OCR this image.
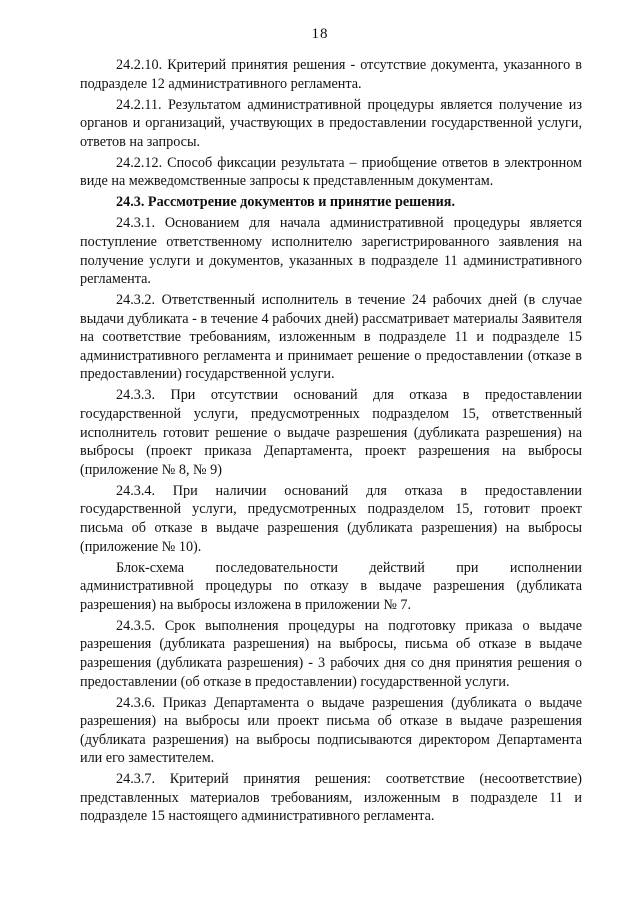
18

24.2.10. Критерий принятия решения - отсутствие документа, указанного в подразделе 12 административного регламента.

24.2.11. Результатом административной процедуры является получение из органов и организаций, участвующих в предоставлении государственной услуги, ответов на запросы.

24.2.12. Способ фиксации результата – приобщение ответов в электронном виде на межведомственные запросы к представленным документам.

24.3. Рассмотрение документов и принятие решения.

24.3.1. Основанием для начала административной процедуры является поступление ответственному исполнителю зарегистрированного заявления на получение услуги и документов, указанных в подразделе 11 административного регламента.

24.3.2. Ответственный исполнитель в течение 24 рабочих дней (в случае выдачи дубликата - в течение 4 рабочих дней) рассматривает материалы Заявителя на соответствие требованиям, изложенным в подразделе 11 и подразделе 15 административного регламента и принимает решение о предоставлении (отказе в предоставлении) государственной услуги.

24.3.3. При отсутствии оснований для отказа в предоставлении государственной услуги, предусмотренных подразделом 15, ответственный исполнитель готовит решение о выдаче разрешения (дубликата разрешения) на выбросы (проект приказа Департамента, проект разрешения на выбросы (приложение № 8, № 9)

24.3.4. При наличии оснований для отказа в предоставлении государственной услуги, предусмотренных подразделом 15, готовит проект письма об отказе в выдаче разрешения (дубликата разрешения) на выбросы (приложение № 10).

Блок-схема последовательности действий при исполнении административной процедуры по отказу в выдаче разрешения (дубликата разрешения) на выбросы изложена в приложении № 7.

24.3.5. Срок выполнения процедуры на подготовку приказа о выдаче разрешения (дубликата разрешения) на выбросы, письма об отказе в выдаче разрешения (дубликата разрешения) - 3 рабочих дня со дня принятия решения о предоставлении (об отказе в предоставлении) государственной услуги.

24.3.6. Приказ Департамента о выдаче разрешения (дубликата о выдаче разрешения) на выбросы или проект письма об отказе в выдаче разрешения (дубликата разрешения) на выбросы подписываются директором Департамента или его заместителем.

24.3.7. Критерий принятия решения: соответствие (несоответствие) представленных материалов требованиям, изложенным в подразделе 11 и подразделе 15 настоящего административного регламента.
